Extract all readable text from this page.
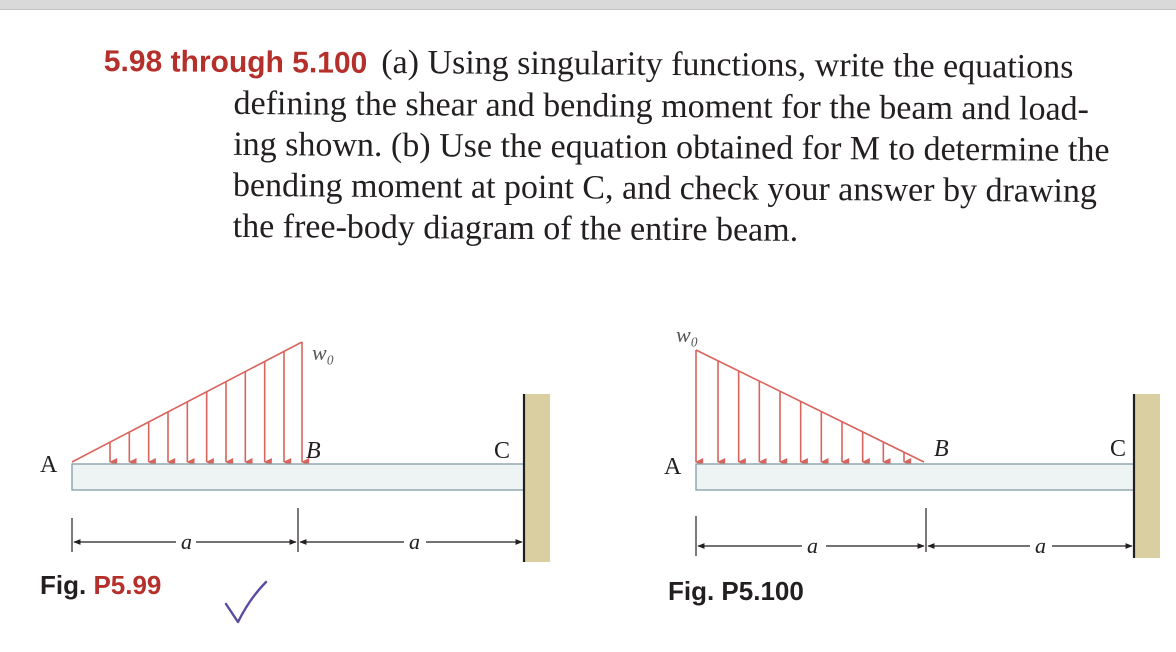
5.98 through 5.100 (a) Using singularity functions, write the equations
defining the shear and bending moment for the beam and load-
ing shown. (b) Use the equation obtained for M to determine the
bending moment at point C, and check your answer by drawing
the free-body diagram of the entire beam.
A
B	C
w₀
a	a
A
B	C
w₀
a	a
Fig. P5.99	Fig. P5.100
